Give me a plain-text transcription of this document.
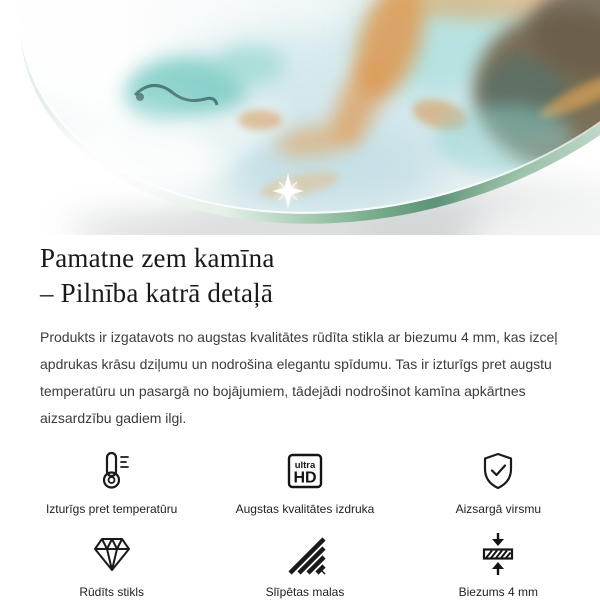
Pamatne zem kamīna
– Pilnība katrā detaļā

Produkts ir izgatavots no augstas kvalitātes rūdīta stikla ar biezumu 4 mm, kas izceļ apdrukas krāsu dziļumu un nodrošina elegantu spīdumu. Tas ir izturīgs pret augstu temperatūru un pasargā no bojājumiem, tādejādi nodrošinot kamīna apkārtnes aizsardzību gadiem ilgi.

Izturīgs pret temperatūru
ultra
HD
Augstas kvalitātes izdruka	Aizsargā virsmu
Rūdīts stikls	Slīpētas malas	Biezums 4 mm
